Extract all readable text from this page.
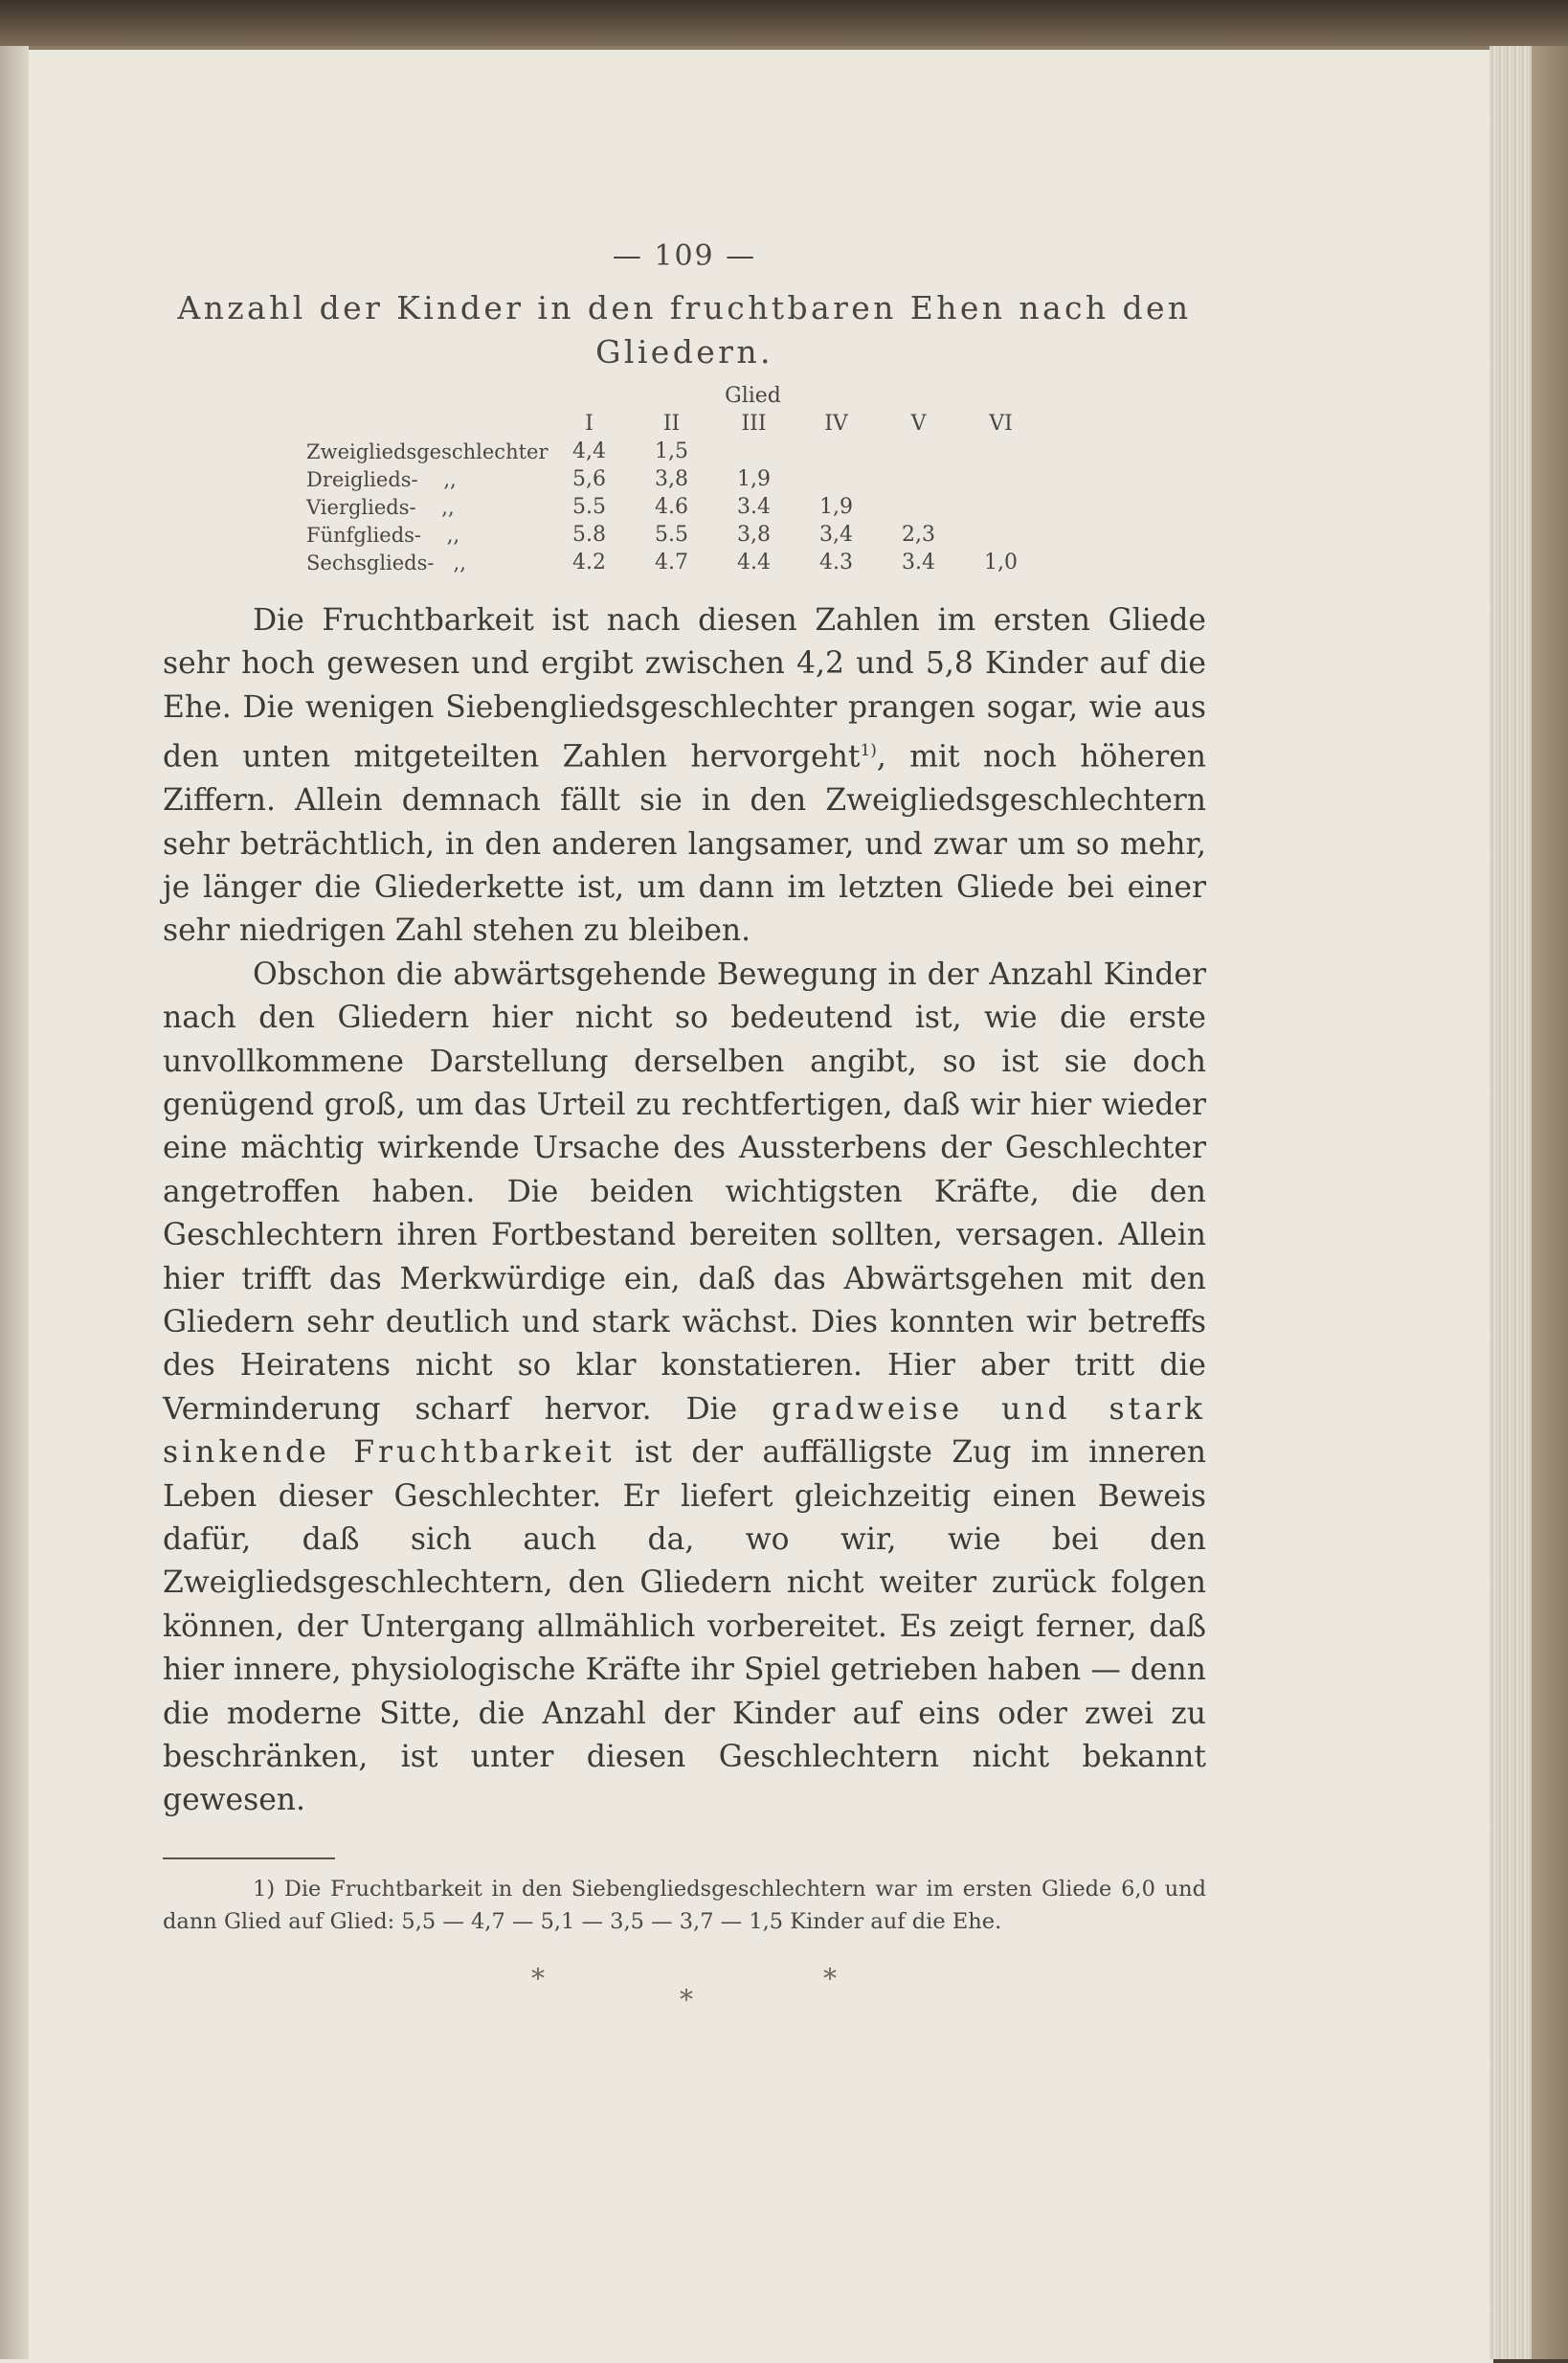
— 109 —
Anzahl der Kinder in den fruchtbaren Ehen nach den
Gliedern.
	Glied					
	I	II	III	IV	V	VI
Zweigliedsgeschlechter	4,4	1,5				
Dreiglieds-    ,,	5,6	3,8	1,9			
Vierglieds-    ,,	5.5	4.6	3.4	1,9		
Fünfglieds-    ,,	5.8	5.5	3,8	3,4	2,3	
Sechsglieds-   ,,	4.2	4.7	4.4	4.3	3.4	1,0

Die Fruchtbarkeit ist nach diesen Zahlen im ersten Gliede sehr hoch gewesen und ergibt zwischen 4,2 und 5,8 Kinder auf die Ehe. Die wenigen Siebengliedsgeschlechter prangen sogar, wie aus den unten mitgeteilten Zahlen hervorgeht$^{1)}$, mit noch höheren Ziffern. Allein demnach fällt sie in den Zweigliedsgeschlechtern sehr beträchtlich, in den anderen langsamer, und zwar um so mehr, je länger die Gliederkette ist, um dann im letzten Gliede bei einer sehr niedrigen Zahl stehen zu bleiben.

Obschon die abwärtsgehende Bewegung in der Anzahl Kinder nach den Gliedern hier nicht so bedeutend ist, wie die erste unvollkommene Darstellung derselben angibt, so ist sie doch genügend groß, um das Urteil zu rechtfertigen, daß wir hier wieder eine mächtig wirkende Ursache des Aussterbens der Geschlechter angetroffen haben. Die beiden wichtigsten Kräfte, die den Geschlechtern ihren Fortbestand bereiten sollten, versagen. Allein hier trifft das Merkwürdige ein, daß das Abwärtsgehen mit den Gliedern sehr deutlich und stark wächst. Dies konnten wir betreffs des Heiratens nicht so klar konstatieren. Hier aber tritt die Verminderung scharf hervor. Die gradweise und stark sinkende Fruchtbarkeit ist der auffälligste Zug im inneren Leben dieser Geschlechter. Er liefert gleichzeitig einen Beweis dafür, daß sich auch da, wo wir, wie bei den Zweigliedsgeschlechtern, den Gliedern nicht weiter zurück folgen können, der Untergang allmählich vorbereitet. Es zeigt ferner, daß hier innere, physiologische Kräfte ihr Spiel getrieben haben — denn die moderne Sitte, die Anzahl der Kinder auf eins oder zwei zu beschränken, ist unter diesen Geschlechtern nicht bekannt gewesen.

1) Die Fruchtbarkeit in den Siebengliedsgeschlechtern war im ersten Gliede 6,0 und dann Glied auf Glied: 5,5 — 4,7 — 5,1 — 3,5 — 3,7 — 1,5 Kinder auf die Ehe.

*
*
*
